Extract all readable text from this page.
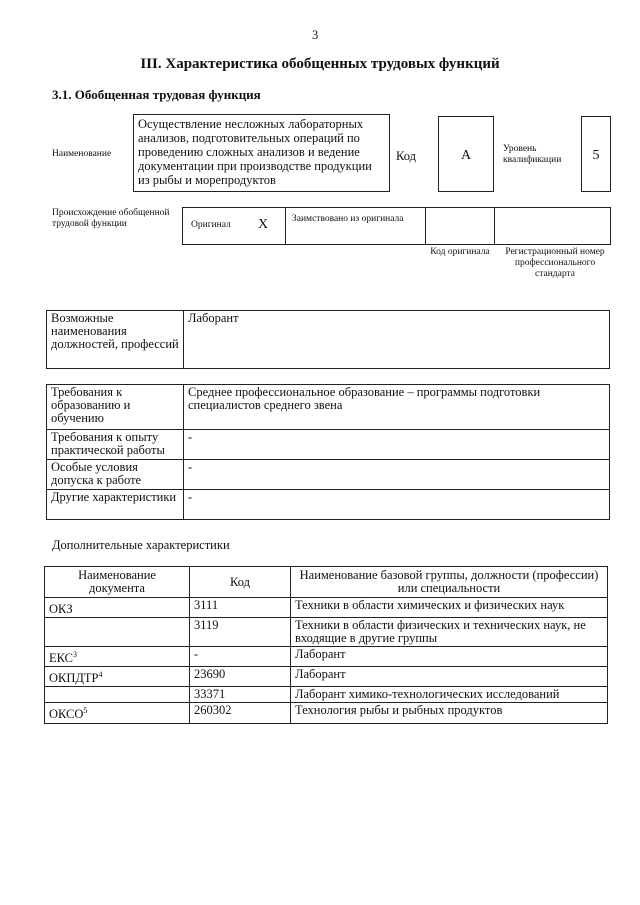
3
III. Характеристика обобщенных трудовых функций
3.1. Обобщенная трудовая функция
Наименование
Осуществление несложных лабораторных анализов, подготовительных операций по проведению сложных анализов и ведение документации при производстве продукции из рыбы и морепродуктов
Код	А	Уровень квалификации	5
Происхождение обобщенной трудовой функции	Оригинал X	Заимствовано из оригинала
Код оригинала	Регистрационный номер профессионального стандарта
Возможные наименования должностей, профессий	Лаборант
Требования к образованию и обучению	Среднее профессиональное образование – программы подготовки специалистов среднего звена
Требования к опыту практической работы	-
Особые условия допуска к работе	-
Другие характеристики	-
Дополнительные характеристики
Наименование документа	Код	Наименование базовой группы, должности (профессии) или специальности
ОКЗ	3111	Техники в области химических и физических наук
	3119	Техники в области физических и технических наук, не входящие в другие группы
ЕКС$^3$	-	Лаборант
ОКПДТР$^4$	23690	Лаборант
	33371	Лаборант химико-технологических исследований
ОКСО$^5$	260302	Технология рыбы и рыбных продуктов
